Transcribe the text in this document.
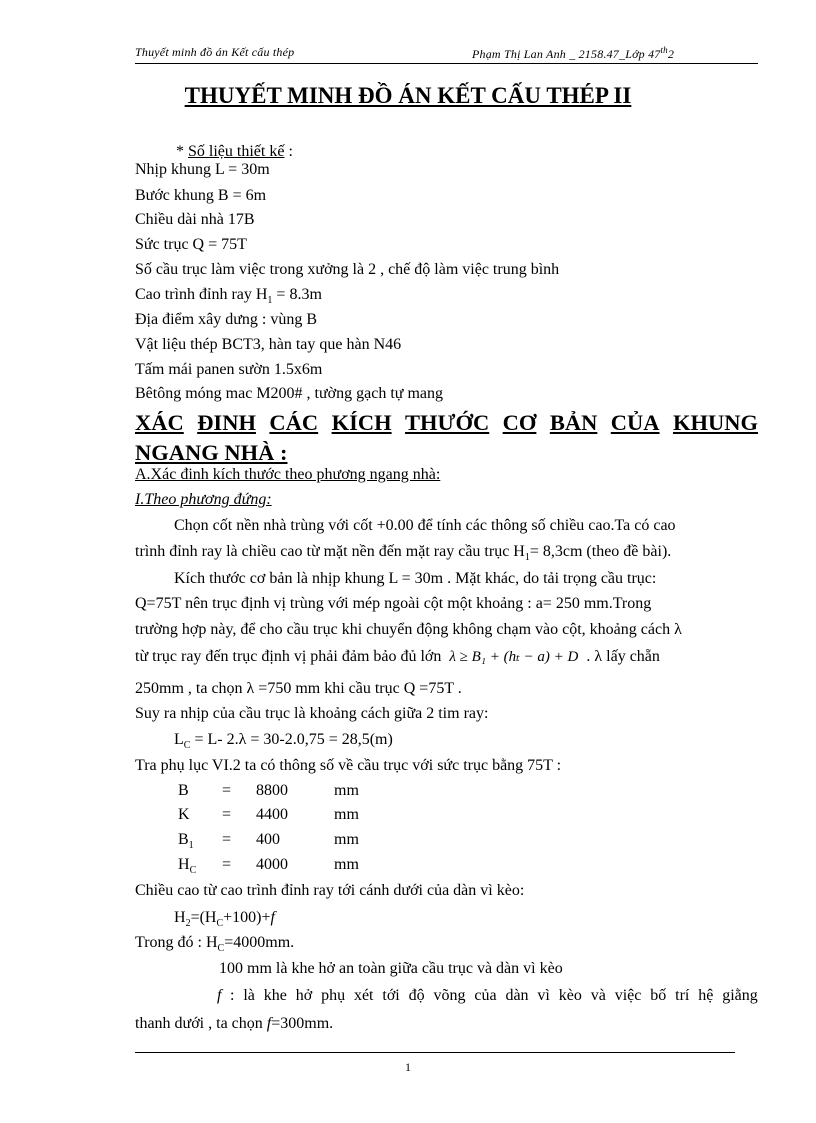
Thuyết minh đồ án Kết cấu thép	Phạm Thị Lan Anh _ 2158.47_Lớp 47th2
THUYẾT MINH ĐỒ ÁN KẾT CẤU THÉP II
* Số liệu thiết kế :
Nhịp khung L = 30m
Bước khung B = 6m
Chiều dài nhà 17B
Sức trục Q = 75T
Số cầu trục làm việc trong xưởng là 2 , chế độ làm việc trung bình
Cao trình đỉnh ray $H_1 = 8.3m$
Địa điểm xây dưng : vùng B
Vật liệu thép BCT3, hàn tay que hàn N46
Tấm mái panen sườn 1.5x6m
Bêtông móng mac M200# , tường gạch tự mang
XÁC ĐINH CÁC KÍCH THƯỚC CƠ BẢN CỦA KHUNG
NGANG NHÀ :
A.Xác đinh kích thước theo phương ngang nhà:
I.Theo phương đứng:
Chọn cốt nền nhà trùng với cốt +0.00 để tính các thông số chiều cao.Ta có cao
trình đỉnh ray là chiều cao từ mặt nền đến mặt ray cầu trục $H_1= 8,3cm$ (theo đề bài).
Kích thước cơ bản là nhịp khung L = 30m . Mặt khác, do tải trọng cầu trục:
Q=75T nên trục định vị trùng với mép ngoài cột một khoảng : a= 250 mm.Trong
trường hợp này, để cho cầu trục khi chuyển động không chạm vào cột, khoảng cách λ
từ trục ray đến trục định vị phải đảm bảo đủ lớn λ ≥ B₁ + (hₜ − a) + D . λ lấy chẵn
250mm , ta chọn λ =750 mm khi cầu trục Q =75T .
Suy ra nhịp của cầu trục là khoảng cách giữa 2 tim ray:
$L_C = L-$ 2.λ = 30-2.0,75 = 28,5(m)
Tra phụ lục VI.2 ta có thông số về cầu trục với sức trục bằng 75T :
B = 8800	mm
K = 4400	mm
$B_1 = 400$	mm
$H_C = 4000$	mm
Chiều cao từ cao trình đỉnh ray tới cánh dưới của dàn vì kèo:
$H_2=(H_C+100)+f$
Trong đó : $H_C=4000mm$.
100 mm là khe hở an toàn giữa cầu trục và dàn vì kèo
f : là khe hở phụ xét tới độ võng của dàn vì kèo và việc bố trí hệ giằng
thanh dưới , ta chọn f=300mm.
1
